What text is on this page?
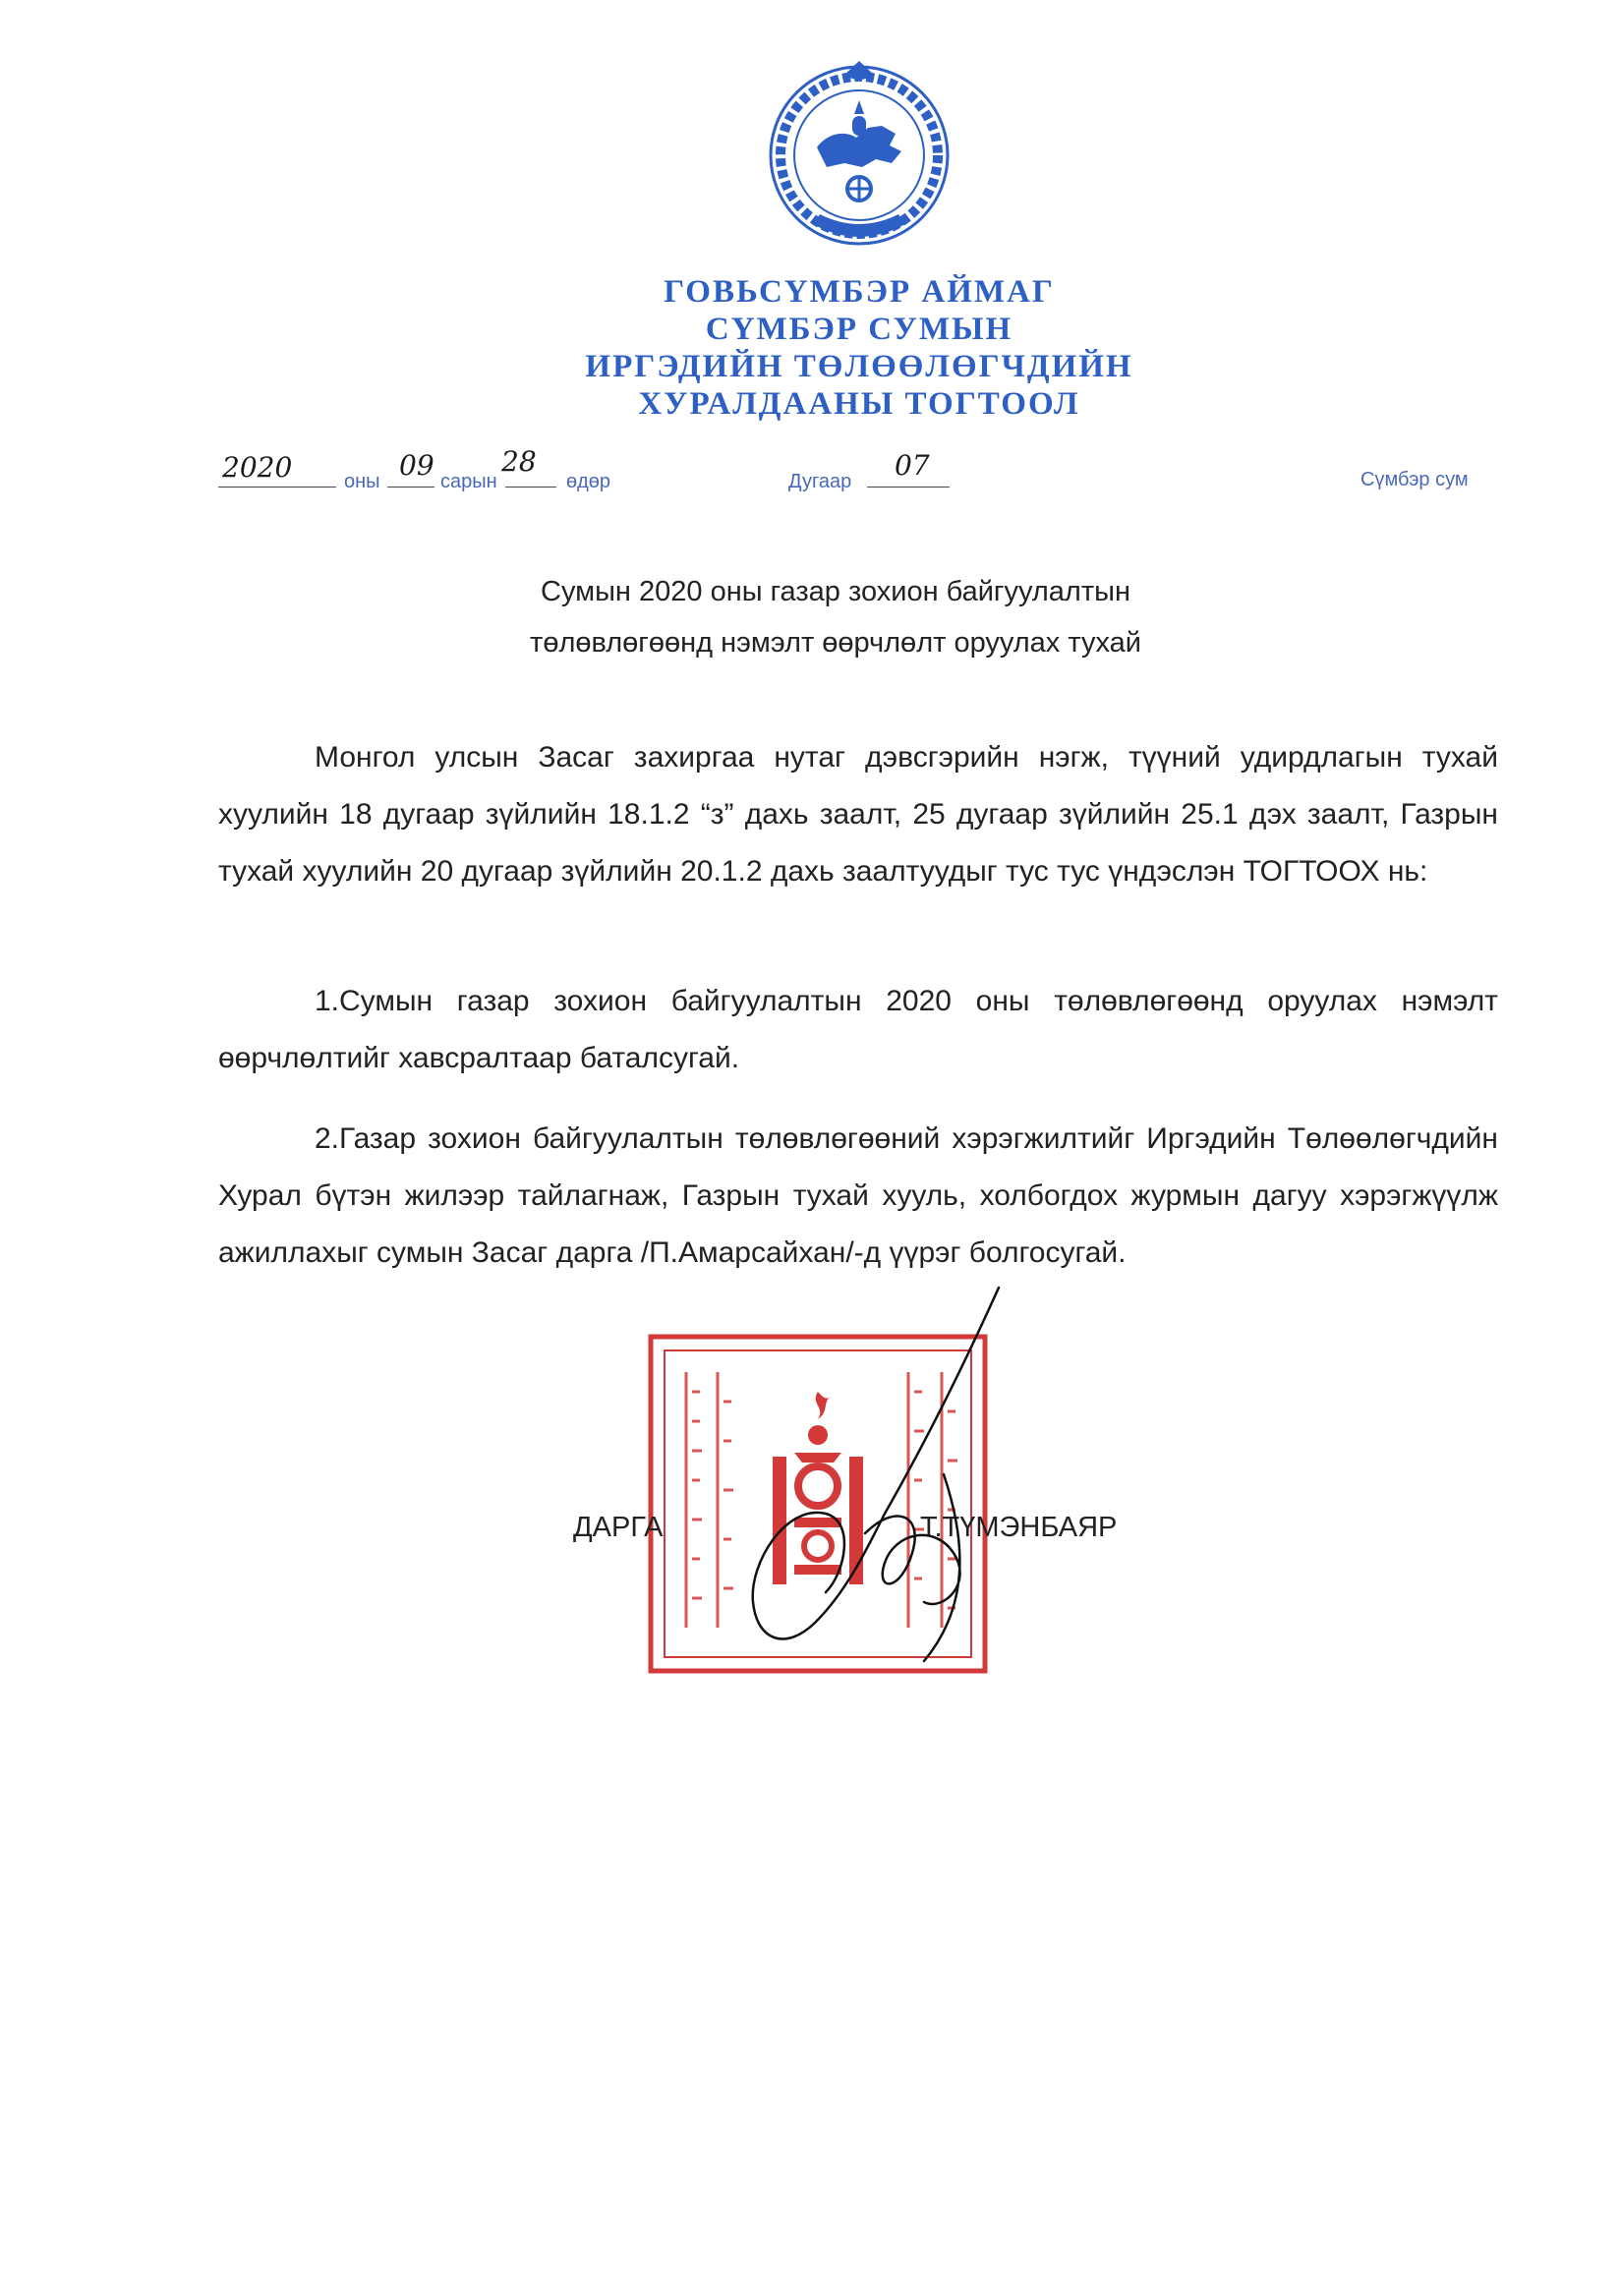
ГОВЬСҮМБЭР АЙМАГ
СҮМБЭР СУМЫН
ИРГЭДИЙН ТӨЛӨӨЛӨГЧДИЙН
ХУРАЛДААНЫ ТОГТООЛ
2020	оны 09 сарын
28
өдөр	Дугаар 07	Сүмбэр сум
Сумын 2020 оны газар зохион байгуулалтын
төлөвлөгөөнд нэмэлт өөрчлөлт оруулах тухай
Монгол улсын Засаг захиргаа нутаг дэвсгэрийн нэгж, түүний удирдлагын тухай хуулийн 18 дугаар зүйлийн 18.1.2 “з” дахь заалт, 25 дугаар зүйлийн 25.1 дэх заалт, Газрын тухай хуулийн 20 дугаар зүйлийн 20.1.2 дахь заалтуудыг тус тус үндэслэн ТОГТООХ нь:
1.Сумын газар зохион байгуулалтын 2020 оны төлөвлөгөөнд оруулах нэмэлт өөрчлөлтийг хавсралтаар баталсугай.
2.Газар зохион байгуулалтын төлөвлөгөөний хэрэгжилтийг Иргэдийн Төлөөлөгчдийн Хурал бүтэн жилээр тайлагнаж, Газрын тухай хууль, холбогдох журмын дагуу хэрэгжүүлж ажиллахыг сумын Засаг дарга /П.Амарсайхан/-д үүрэг болгосугай.
ДАРГА	Т.ТҮМЭНБАЯР
